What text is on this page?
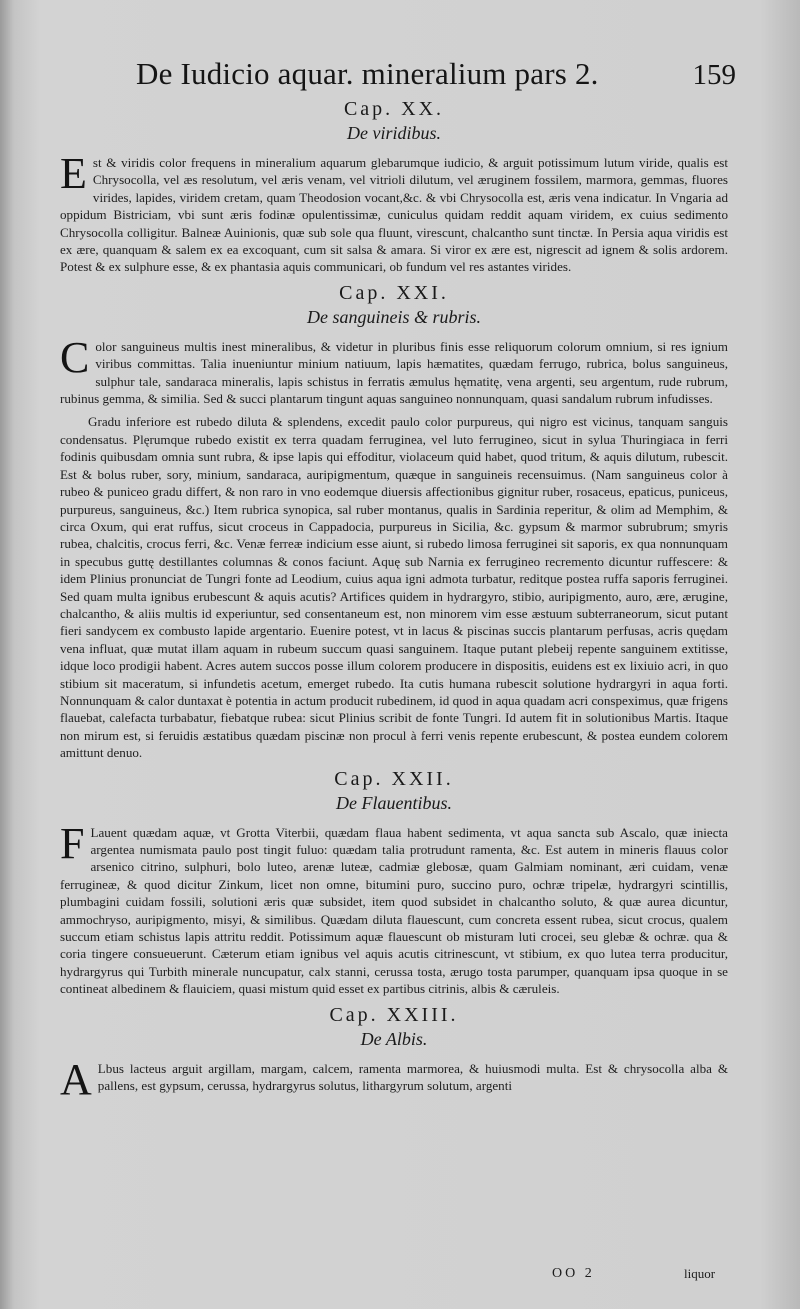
De Iudicio aquar. mineralium pars 2.	159
Cap. XX.
De viridibus.

Est & viridis color frequens in mineralium aquarum glebarumque iudicio, & arguit potissimum lutum viride, qualis est Chrysocolla, vel æs resolutum, vel æris venam, vel vitrioli dilutum, vel æruginem fossilem, marmora, gemmas, fluores virides, lapides, viridem cretam, quam Theodosion vocant,&c. & vbi Chrysocolla est, æris vena indicatur. In Vngaria ad oppidum Bistriciam, vbi sunt æris fodinæ opulentissimæ, cuniculus quidam reddit aquam viridem, ex cuius sedimento Chrysocolla colligitur. Balneæ Auinionis, quæ sub sole qua fluunt, virescunt, chalcantho sunt tinctæ. In Persia aqua viridis est ex ære, quanquam & salem ex ea excoquant, cum sit salsa & amara. Si viror ex ære est, nigrescit ad ignem & solis ardorem. Potest & ex sulphure esse, & ex phantasia aquis communicari, ob fundum vel res astantes virides.

Cap. XXI.
De sanguineis & rubris.

Color sanguineus multis inest mineralibus, & videtur in pluribus finis esse reliquorum colorum omnium, si res ignium viribus committas. Talia inueniuntur minium natiuum, lapis hæmatites, quædam ferrugo, rubrica, bolus sanguineus, sulphur tale, sandaraca mineralis, lapis schistus in ferratis æmulus hęmatitę, vena argenti, seu argentum, rude rubrum, rubinus gemma, & similia. Sed & succi plantarum tingunt aquas sanguineo nonnunquam, quasi sandalum rubrum infudisses.

Gradu inferiore est rubedo diluta & splendens, excedit paulo color purpureus, qui nigro est vicinus, tanquam sanguis condensatus. Plęrumque rubedo existit ex terra quadam ferruginea, vel luto ferrugineo, sicut in sylua Thuringiaca in ferri fodinis quibusdam omnia sunt rubra, & ipse lapis qui effoditur, violaceum quid habet, quod tritum, & aquis dilutum, rubescit. Est & bolus ruber, sory, minium, sandaraca, auripigmentum, quæque in sanguineis recensuimus. (Nam sanguineus color à rubeo & puniceo gradu differt, & non raro in vno eodemque diuersis affectionibus gignitur ruber, rosaceus, epaticus, puniceus, purpureus, sanguineus, &c.) Item rubrica synopica, sal ruber montanus, qualis in Sardinia reperitur, & olim ad Memphim, & circa Oxum, qui erat ruffus, sicut croceus in Cappadocia, purpureus in Sicilia, &c. gypsum & marmor subrubrum; smyris rubea, chalcitis, crocus ferri, &c. Venæ ferreæ indicium esse aiunt, si rubedo limosa ferruginei sit saporis, ex qua nonnunquam in specubus guttę destillantes columnas & conos faciunt. Aquę sub Narnia ex ferrugineo recremento dicuntur ruffescere: & idem Plinius pronunciat de Tungri fonte ad Leodium, cuius aqua igni admota turbatur, reditque postea ruffa saporis ferruginei. Sed quam multa ignibus erubescunt & aquis acutis? Artifices quidem in hydrargyro, stibio, auripigmento, auro, ære, ærugine, chalcantho, & aliis multis id experiuntur, sed consentaneum est, non minorem vim esse æstuum subterraneorum, sicut putant fieri sandycem ex combusto lapide argentario. Euenire potest, vt in lacus & piscinas succis plantarum perfusas, acris quędam vena influat, quæ mutat illam aquam in rubeum succum quasi sanguinem. Itaque putant plebeij repente sanguinem extitisse, idque loco prodigii habent. Acres autem succos posse illum colorem producere in dispositis, euidens est ex lixiuio acri, in quo stibium sit maceratum, si infundetis acetum, emerget rubedo. Ita cutis humana rubescit solutione hydrargyri in aqua forti. Nonnunquam & calor duntaxat è potentia in actum producit rubedinem, id quod in aqua quadam acri conspeximus, quæ frigens flauebat, calefacta turbabatur, fiebatque rubea: sicut Plinius scribit de fonte Tungri. Id autem fit in solutionibus Martis. Itaque non mirum est, si feruidis æstatibus quædam piscinæ non procul à ferri venis repente erubescunt, & postea eundem colorem amittunt denuo.

Cap. XXII.
De Flauentibus.

F Lauent quædam aquæ, vt Grotta Viterbii, quædam flaua habent sedimenta, vt aqua sancta sub Ascalo, quæ iniecta argentea numismata paulo post tingit fuluo: quædam talia protrudunt ramenta, &c. Est autem in mineris flauus color arsenico citrino, sulphuri, bolo luteo, arenæ luteæ, cadmiæ glebosæ, quam Galmiam nominant, æri cuidam, venæ ferrugineæ, & quod dicitur Zinkum, licet non omne, bitumini puro, succino puro, ochræ tripelæ, hydrargyri scintillis, plumbagini cuidam fossili, solutioni æris quæ subsidet, item quod subsidet in chalcantho soluto, & quæ aurea dicuntur, ammochryso, auripigmento, misyi, & similibus. Quædam diluta flauescunt, cum concreta essent rubea, sicut crocus, qualem succum etiam schistus lapis attritu reddit. Potissimum aquæ flauescunt ob misturam luti crocei, seu glebæ & ochræ. qua & coria tingere consueuerunt. Cæterum etiam ignibus vel aquis acutis citrinescunt, vt stibium, ex quo lutea terra producitur, hydrargyrus qui Turbith minerale nuncupatur, calx stanni, cerussa tosta, ærugo tosta parumper, quanquam ipsa quoque in se contineat albedinem & flauiciem, quasi mistum quid esset ex partibus citrinis, albis & cæruleis.

Cap. XXIII.
De Albis.

A Lbus lacteus arguit argillam, margam, calcem, ramenta marmorea, & huiusmodi multa. Est & chrysocolla alba & pallens, est gypsum, cerussa, hydrargyrus solutus, lithargyrum solutum, argenti

OO 2	liquor
